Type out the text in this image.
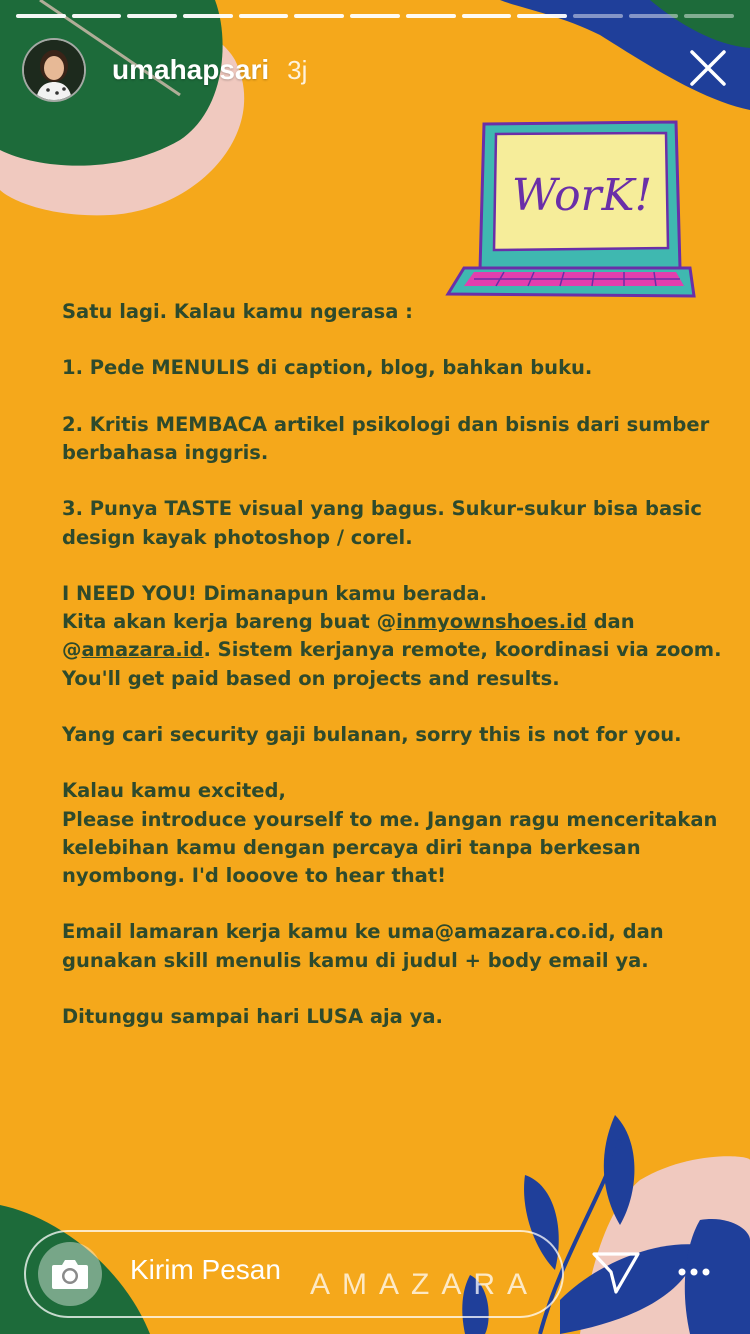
umahapsari 3j
WorK!

Satu lagi. Kalau kamu ngerasa :

1. Pede MENULIS di caption, blog, bahkan buku.

2. Kritis MEMBACA artikel psikologi dan bisnis dari sumber berbahasa inggris.

3. Punya TASTE visual yang bagus. Sukur-sukur bisa basic design kayak photoshop / corel.

I NEED YOU! Dimanapun kamu berada.
Kita akan kerja bareng buat @inmyownshoes.id dan @amazara.id. Sistem kerjanya remote, koordinasi via zoom. You'll get paid based on projects and results.

Yang cari security gaji bulanan, sorry this is not for you.

Kalau kamu excited,
Please introduce yourself to me. Jangan ragu menceritakan kelebihan kamu dengan percaya diri tanpa berkesan nyombong. I'd looove to hear that!

Email lamaran kerja kamu ke uma@amazara.co.id, dan gunakan skill menulis kamu di judul + body email ya.

Ditunggu sampai hari LUSA aja ya.

AMAZARA
Kirim Pesan
